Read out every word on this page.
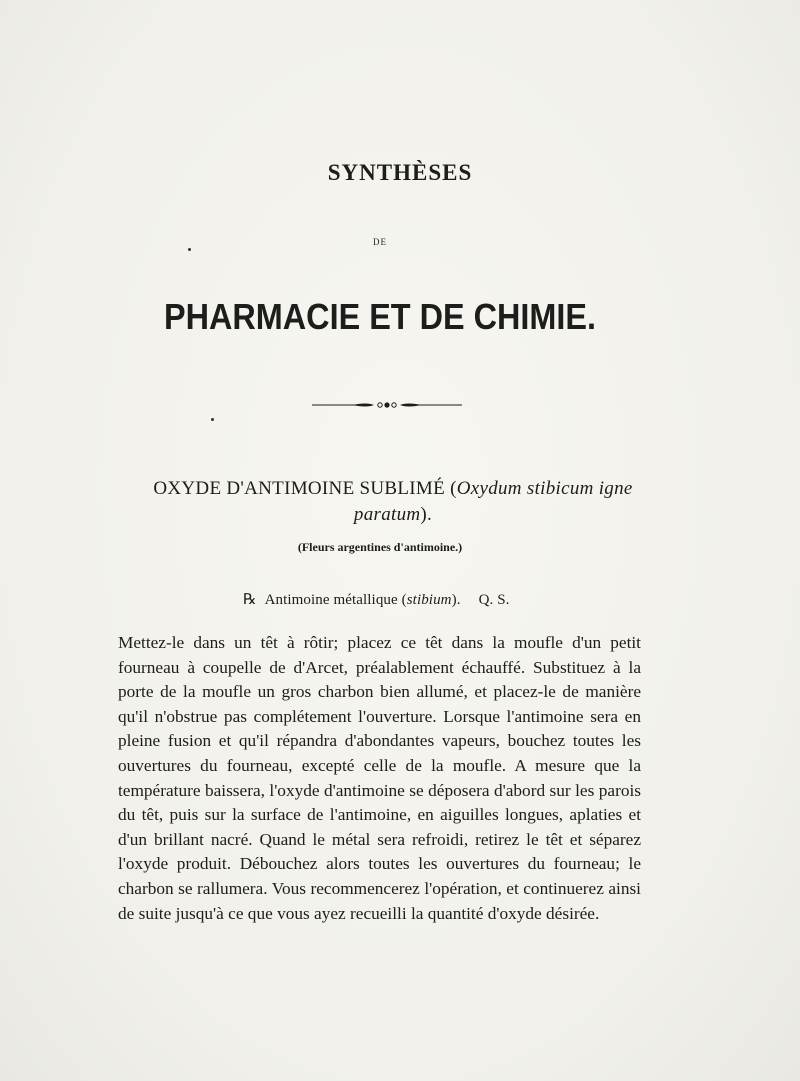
SYNTHÈSES
DE
PHARMACIE ET DE CHIMIE.
OXYDE D'ANTIMOINE SUBLIMÉ (Oxydum stibicum igne paratum).
(Fleurs argentines d'antimoine.)
℞ Antimoine métallique (stibium). Q. S.

Mettez-le dans un têt à rôtir; placez ce têt dans la moufle d'un petit fourneau à coupelle de d'Arcet, préalablement échauffé. Substituez à la porte de la moufle un gros charbon bien allumé, et placez-le de manière qu'il n'obstrue pas complétement l'ouverture. Lorsque l'antimoine sera en pleine fusion et qu'il répandra d'abondantes vapeurs, bouchez toutes les ouvertures du fourneau, excepté celle de la moufle. A mesure que la température baissera, l'oxyde d'antimoine se déposera d'abord sur les parois du têt, puis sur la surface de l'antimoine, en aiguilles longues, aplaties et d'un brillant nacré. Quand le métal sera refroidi, retirez le têt et séparez l'oxyde produit. Débouchez alors toutes les ouvertures du fourneau; le charbon se rallumera. Vous recommencerez l'opération, et continuerez ainsi de suite jusqu'à ce que vous ayez recueilli la quantité d'oxyde désirée.
